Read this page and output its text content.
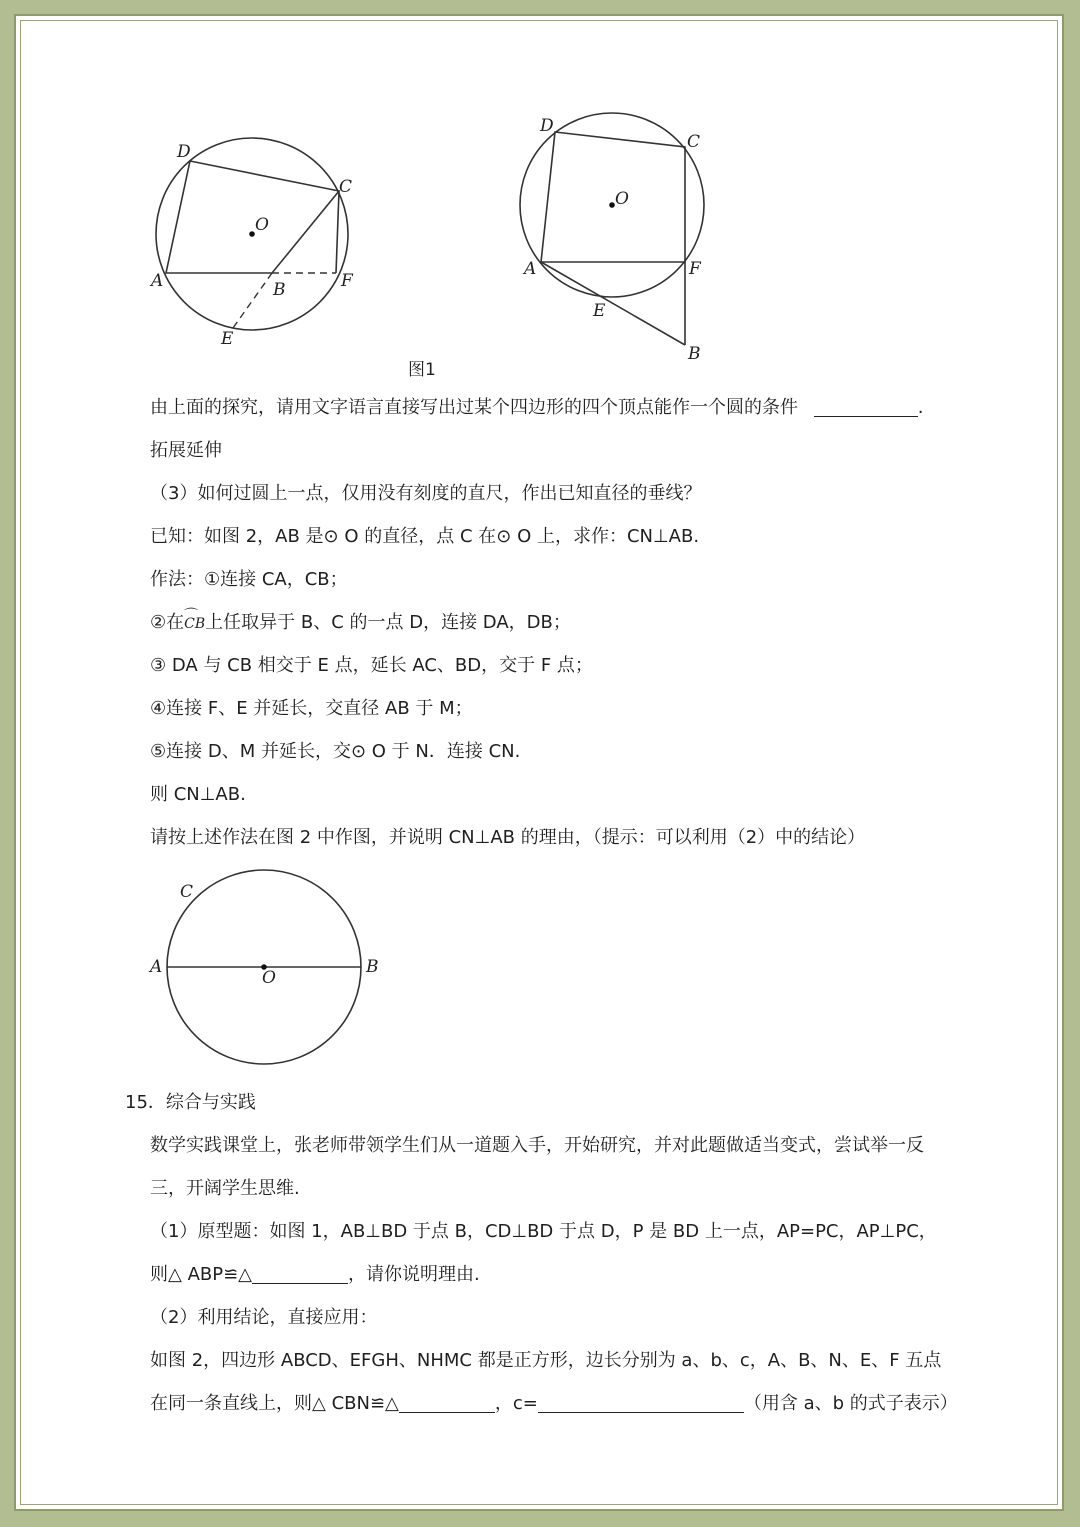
D
C
O
A	B	F
E
D
C
O
A	F
E
B
图1
由上面的探究，请用文字语言直接写出过某个四边形的四个顶点能作一个圆的条件	.
拓展延伸
（3）如何过圆上一点，仅用没有刻度的直尺，作出已知直径的垂线？
已知：如图 2，AB 是⊙ O 的直径，点 C 在⊙ O 上，求作：CN⊥AB.
作法：①连接 CA，CB；
②在⌒ CB上任取异于 B、C 的一点 D，连接 DA，DB；
③ DA 与 CB 相交于 E 点，延长 AC、BD，交于 F 点；
④连接 F、E 并延长，交直径 AB 于 M；
⑤连接 D、M 并延长，交⊙ O 于 N．连接 CN.
则 CN⊥AB.
请按上述作法在图 2 中作图，并说明 CN⊥AB 的理由，（提示：可以利用（2）中的结论）
C
A
O
B
15．综合与实践
数学实践课堂上，张老师带领学生们从一道题入手，开始研究，并对此题做适当变式，尝试举一反
三，开阔学生思维.
（1）原型题：如图 1，AB⊥BD 于点 B，CD⊥BD 于点 D，P 是 BD 上一点，AP=PC，AP⊥PC，
则△ ABP≌△	，请你说明理由.
（2）利用结论，直接应用：
如图 2，四边形 ABCD、EFGH、NHMC 都是正方形，边长分别为 a、b、c，A、B、N、E、F 五点
在同一条直线上，则△ CBN≌△	，c=	（用含 a、b 的式子表示）
